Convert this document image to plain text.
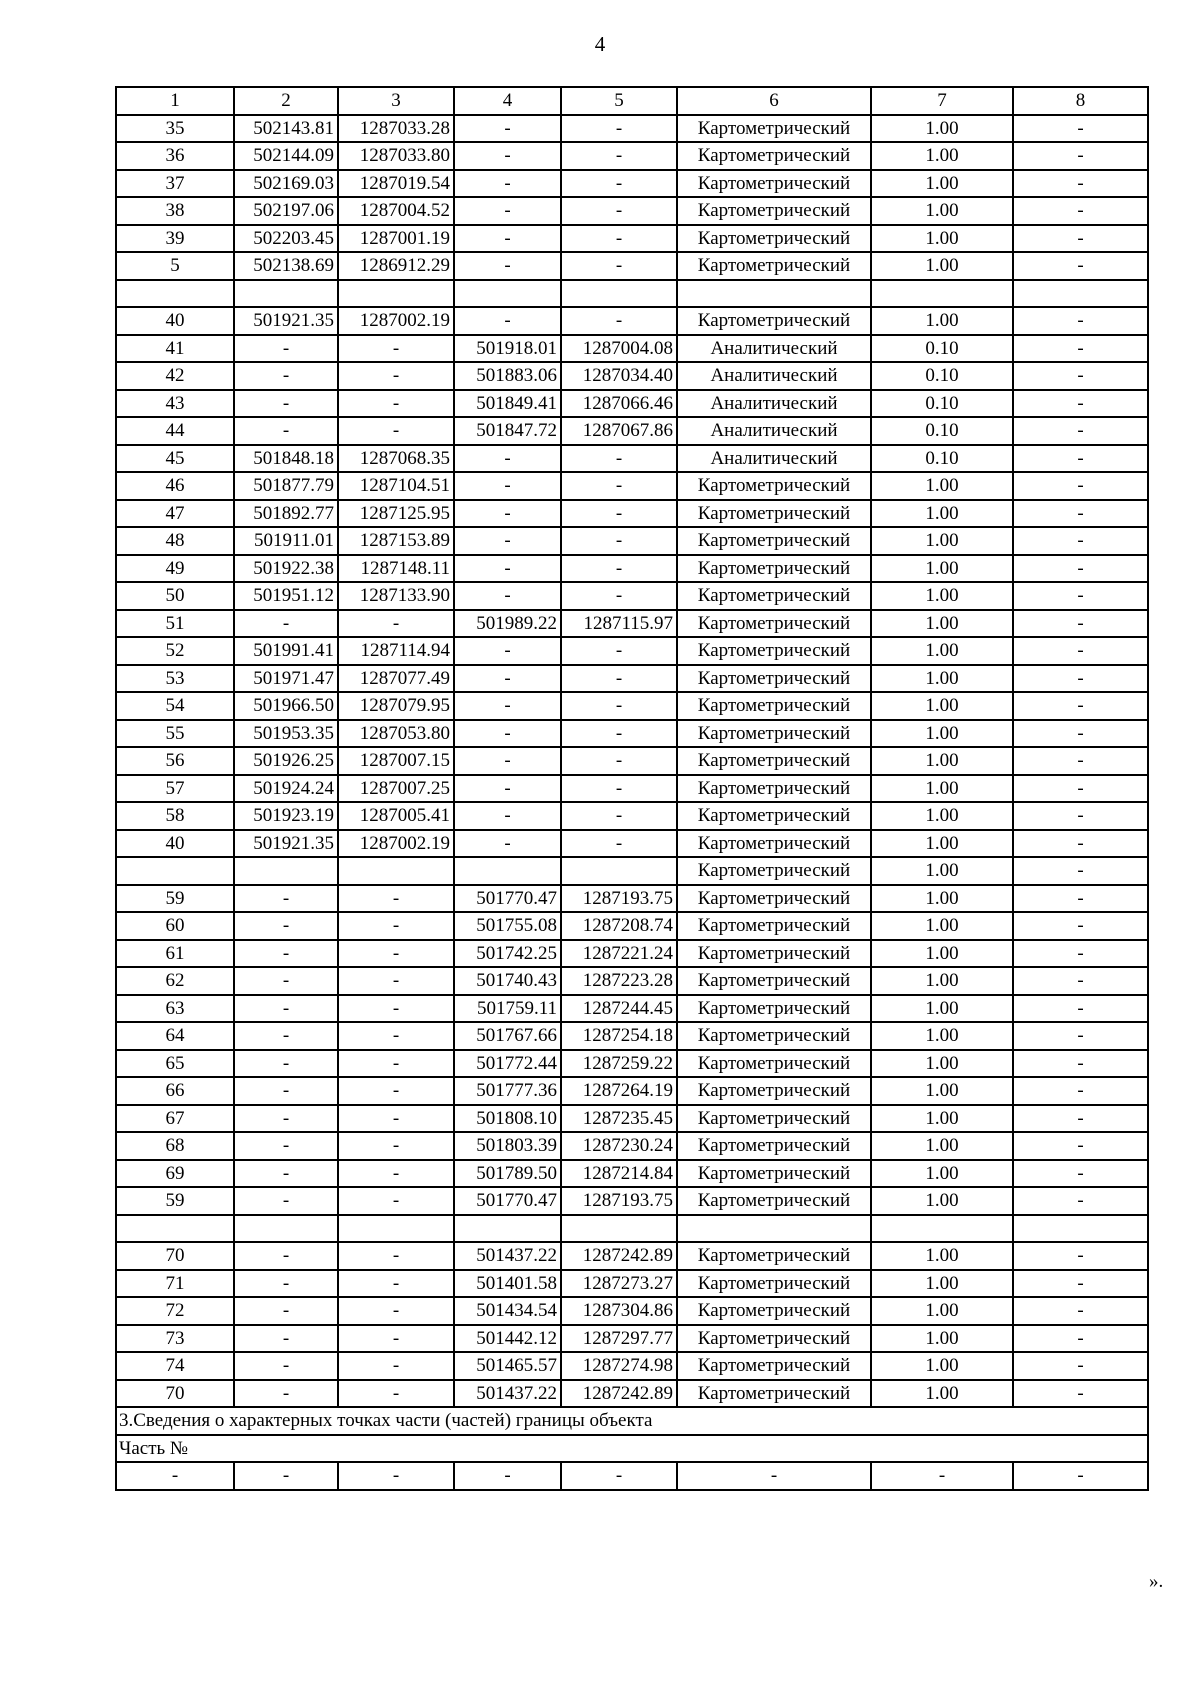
4
1	2	3	4	5	6	7	8
35	502143.81	1287033.28	-	-	Картометрический	1.00	-
36	502144.09	1287033.80	-	-	Картометрический	1.00	-
37	502169.03	1287019.54	-	-	Картометрический	1.00	-
38	502197.06	1287004.52	-	-	Картометрический	1.00	-
39	502203.45	1287001.19	-	-	Картометрический	1.00	-
5	502138.69	1286912.29	-	-	Картометрический	1.00	-

40	501921.35	1287002.19	-	-	Картометрический	1.00	-
41	-	-	501918.01	1287004.08	Аналитический	0.10	-
42	-	-	501883.06	1287034.40	Аналитический	0.10	-
43	-	-	501849.41	1287066.46	Аналитический	0.10	-
44	-	-	501847.72	1287067.86	Аналитический	0.10	-
45	501848.18	1287068.35	-	-	Аналитический	0.10	-
46	501877.79	1287104.51	-	-	Картометрический	1.00	-
47	501892.77	1287125.95	-	-	Картометрический	1.00	-
48	501911.01	1287153.89	-	-	Картометрический	1.00	-
49	501922.38	1287148.11	-	-	Картометрический	1.00	-
50	501951.12	1287133.90	-	-	Картометрический	1.00	-
51	-	-	501989.22	1287115.97	Картометрический	1.00	-
52	501991.41	1287114.94	-	-	Картометрический	1.00	-
53	501971.47	1287077.49	-	-	Картометрический	1.00	-
54	501966.50	1287079.95	-	-	Картометрический	1.00	-
55	501953.35	1287053.80	-	-	Картометрический	1.00	-
56	501926.25	1287007.15	-	-	Картометрический	1.00	-
57	501924.24	1287007.25	-	-	Картометрический	1.00	-
58	501923.19	1287005.41	-	-	Картометрический	1.00	-
40	501921.35	1287002.19	-	-	Картометрический	1.00	-
					Картометрический	1.00	-
59	-	-	501770.47	1287193.75	Картометрический	1.00	-
60	-	-	501755.08	1287208.74	Картометрический	1.00	-
61	-	-	501742.25	1287221.24	Картометрический	1.00	-
62	-	-	501740.43	1287223.28	Картометрический	1.00	-
63	-	-	501759.11	1287244.45	Картометрический	1.00	-
64	-	-	501767.66	1287254.18	Картометрический	1.00	-
65	-	-	501772.44	1287259.22	Картометрический	1.00	-
66	-	-	501777.36	1287264.19	Картометрический	1.00	-
67	-	-	501808.10	1287235.45	Картометрический	1.00	-
68	-	-	501803.39	1287230.24	Картометрический	1.00	-
69	-	-	501789.50	1287214.84	Картометрический	1.00	-
59	-	-	501770.47	1287193.75	Картометрический	1.00	-

70	-	-	501437.22	1287242.89	Картометрический	1.00	-
71	-	-	501401.58	1287273.27	Картометрический	1.00	-
72	-	-	501434.54	1287304.86	Картометрический	1.00	-
73	-	-	501442.12	1287297.77	Картометрический	1.00	-
74	-	-	501465.57	1287274.98	Картометрический	1.00	-
70	-	-	501437.22	1287242.89	Картометрический	1.00	-
3.Сведения о характерных точках части (частей) границы объекта							
Часть №							
-	-	-	-	-	-	-	-
».
